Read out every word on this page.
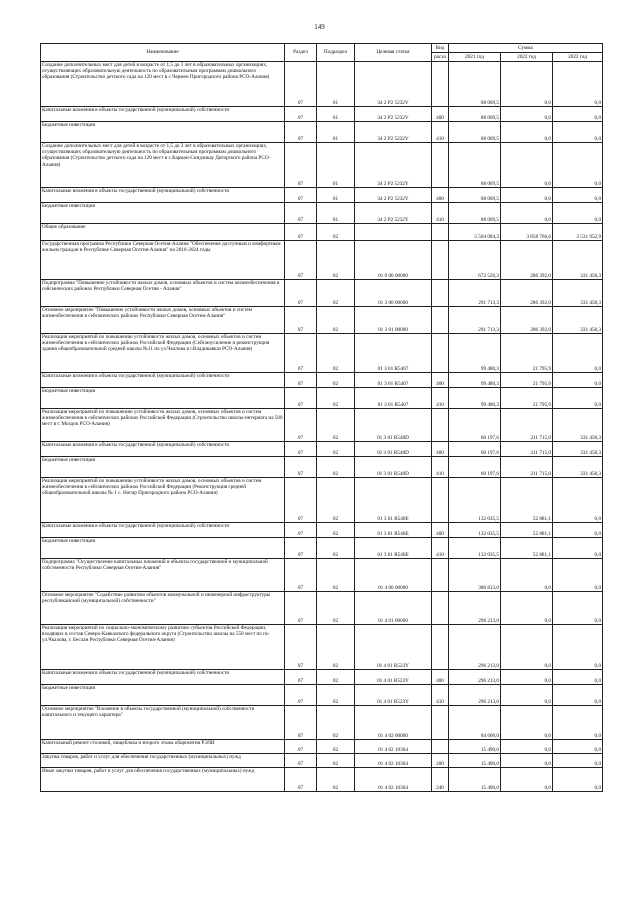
149
Наименование	Раздел	Подраздел	Целевая статья	Вид	Сумма		
				расхо	2021 год	2022 год	2022 год
Создание дополнительных мест для детей в возрасте от 1,5 до 3 лет в образовательных организациях, осуществляющих образовательную деятельность по образовательным программам дошкольного образования (Строительство детского сада на 120 мест в с.Чермен Пригородного района РСО-Алания)	07	01	34 2 P2 5232V		88 069,5	0,0	0,0
Капитальные вложения в объекты государственной (муниципальной) собственности	07	01	34 2 P2 5232V	400	88 069,5	0,0	0,0
Бюджетные инвестиции	07	01	34 2 P2 5232V	410	88 069,5	0,0	0,0
Создание дополнительных мест для детей в возрасте от 1,5 до 3 лет в образовательных организациях, осуществляющих образовательную деятельность по образовательным программам дошкольного образования (Строительство детского сада на 120 мест в с.Карман-Синдзикау Дигорского района РСО-Алания)	07	01	34 2 P2 5232Y		88 069,5	0,0	0,0
Капитальные вложения в объекты государственной (муниципальной) собственности	07	01	34 2 P2 5232Y	400	88 069,5	0,0	0,0
Бюджетные инвестиции	07	01	34 2 P2 5232Y	410	88 069,5	0,0	0,0
Общее образование	07	02			5 504 004,3	3 858 766,6	3 531 952,9
Государственная программа Республики Северная Осетия-Алания "Обеспечение доступным и комфортным жильем граждан в Республике Северная Осетия-Алания" на 2016-2024 годы	07	02	01 0 00 00000		672 526,3	286 392,0	331 458,3
Подпрограмма "Повышение устойчивости жилых домов, основных объектов и систем жизнеобеспечения в сейсмических районах Республики Северная Осетия - Алания"	07	02	01 3 00 00000		291 713,3	286 392,0	331 458,3
Основное мероприятие "Повышение устойчивости жилых домов, основных объектов и систем жизнеобеспечения в сейсмических районах Республики Северная Осетия-Алания"	07	02	01 3 01 00000		291 713,3	286 392,0	331 458,3
Реализация мероприятий по повышению устойчивости жилых домов, основных объектов и систем жизнеобеспечения в сейсмических районах Российской Федерации (Сейсмоусиление и реконструкция здания общеобразовательной средней школы №11 по ул.Чкалова в г.Владикавказ РСО-Алания)	07	02	01 3 01 R5407		99 480,3	21 795,9	0,0
Капитальные вложения в объекты государственной (муниципальной) собственности	07	02	01 3 01 R5407	400	99 480,3	21 795,9	0,0
Бюджетные инвестиции	07	02	01 3 01 R5407	410	99 480,3	21 795,9	0,0
Реализация мероприятий по повышению устойчивости жилых домов, основных объектов и систем жизнеобеспечения в сейсмических районах Российской Федерации (Строительство школы-интерната на 500 мест в г. Моздок РСО-Алания)	07	02	01 3 01 R540D		60 197,6	211 715,0	331 458,3
Капитальные вложения в объекты государственной (муниципальной) собственности	07	02	01 3 01 R540D	400	60 197,6	211 715,0	331 458,3
Бюджетные инвестиции	07	02	01 3 01 R540D	410	60 197,6	211 715,0	331 458,3
Реализация мероприятий по повышению устойчивости жилых домов, основных объектов и систем жизнеобеспечения в сейсмических районах Российской Федерации (Реконструкция средней общеобразовательной школы № 1 с. Ногир Пригородного района РСО-Алания)	07	02	01 3 01 R540E		132 035,5	52 881,1	0,0
Капитальные вложения в объекты государственной (муниципальной) собственности	07	02	01 3 01 R540E	400	132 035,5	52 881,1	0,0
Бюджетные инвестиции	07	02	01 3 01 R540E	410	132 035,5	52 881,1	0,0
Подпрограмма "Осуществление капитальных вложений в объекты государственной и муниципальной собственности Республики Северная Осетия-Алания"	07	02	01 4 00 00000		380 813,0	0,0	0,0
Основное мероприятие "Содействие развитию объектов коммунальной и инженерной инфраструктуры республиканской (муниципальной) собственности"	07	02	01 4 01 00000		296 213,0	0,0	0,0
Реализация мероприятий по социально-экономическому развитию субъектов Российской Федерации, входящих в состав Северо-Кавказского федерального округа (Строительство школы на 550 мест по по ул.Чкалова, г. Беслан Республики Северная Осетия-Алания)	07	02	01 4 01 R523Y		296 213,0	0,0	0,0
Капитальные вложения в объекты государственной (муниципальной) собственности	07	02	01 4 01 R523Y	400	296 213,0	0,0	0,0
Бюджетные инвестиции	07	02	01 4 01 R523Y	410	296 213,0	0,0	0,0
Основное мероприятие "Вложение в объекты государственной (муниципальной) собственности капитального и текущего характера"	07	02	01 4 02 00000		84 600,0	0,0	0,0
Капитальный ремонт столовой, пищеблока и второго этажа общежития РЭЛИ	07	02	01 4 02 10364		15 490,0	0,0	0,0
Закупка товаров, работ и услуг для обеспечения государственных (муниципальных) нужд	07	02	01 4 02 10364	200	15 490,0	0,0	0,0
Иные закупки товаров, работ и услуг для обеспечения государственных (муниципальных) нужд	07	02	01 4 02 10364	240	15 490,0	0,0	0,0
